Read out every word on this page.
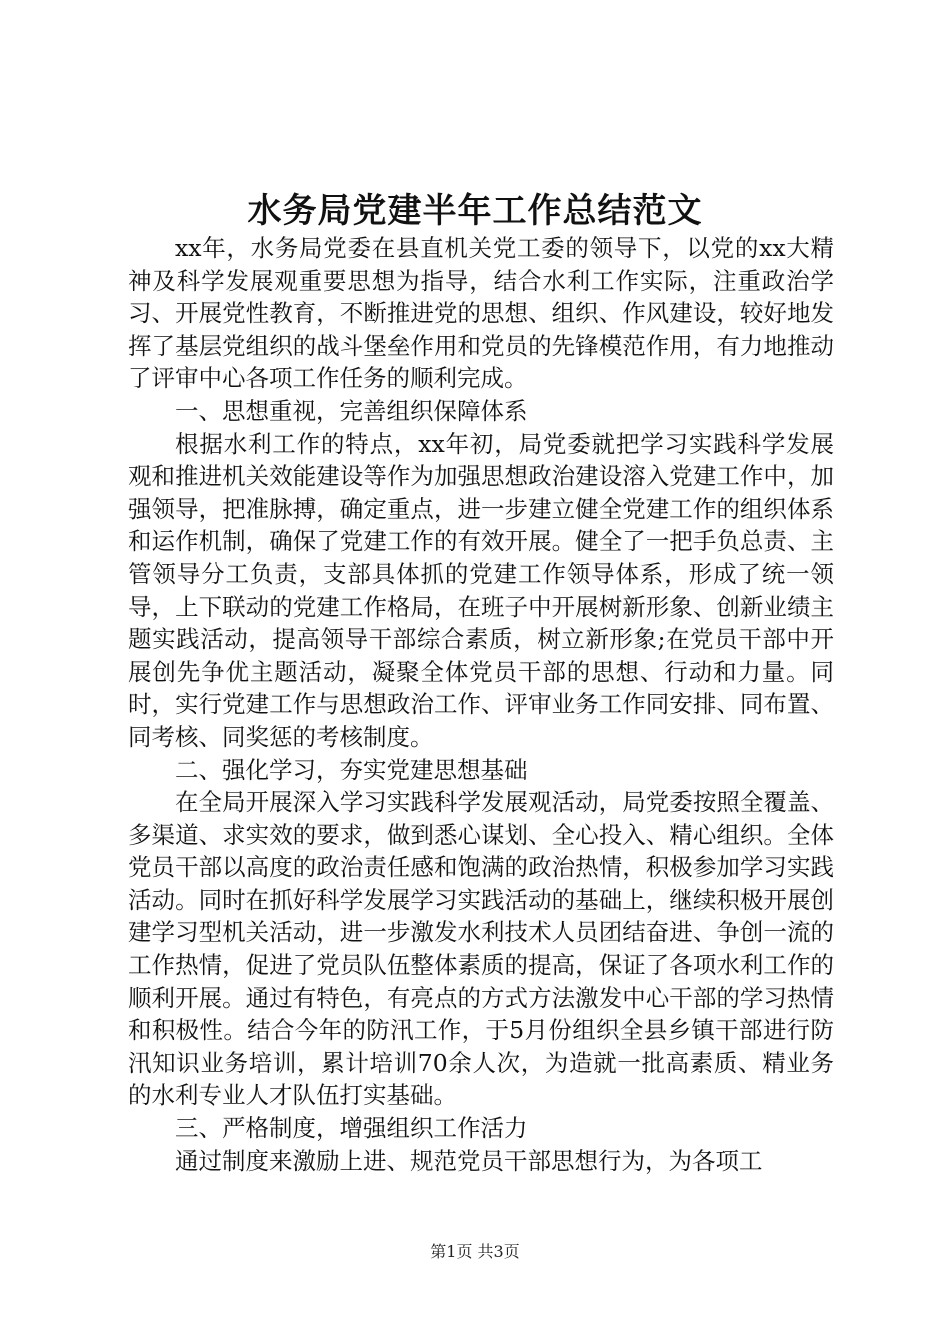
水务局党建半年工作总结范文

xx年，水务局党委在县直机关党工委的领导下，以党的xx大精神及科学发展观重要思想为指导，结合水利工作实际，注重政治学习、开展党性教育，不断推进党的思想、组织、作风建设，较好地发挥了基层党组织的战斗堡垒作用和党员的先锋模范作用，有力地推动了评审中心各项工作任务的顺利完成。

一、思想重视，完善组织保障体系

根据水利工作的特点，xx年初，局党委就把学习实践科学发展观和推进机关效能建设等作为加强思想政治建设溶入党建工作中，加强领导，把准脉搏，确定重点，进一步建立健全党建工作的组织体系和运作机制，确保了党建工作的有效开展。健全了一把手负总责、主管领导分工负责，支部具体抓的党建工作领导体系，形成了统一领导，上下联动的党建工作格局，在班子中开展树新形象、创新业绩主题实践活动，提高领导干部综合素质，树立新形象;在党员干部中开展创先争优主题活动，凝聚全体党员干部的思想、行动和力量。同时，实行党建工作与思想政治工作、评审业务工作同安排、同布置、同考核、同奖惩的考核制度。

二、强化学习，夯实党建思想基础

在全局开展深入学习实践科学发展观活动，局党委按照全覆盖、多渠道、求实效的要求，做到悉心谋划、全心投入、精心组织。全体党员干部以高度的政治责任感和饱满的政治热情，积极参加学习实践活动。同时在抓好科学发展学习实践活动的基础上，继续积极开展创建学习型机关活动，进一步激发水利技术人员团结奋进、争创一流的工作热情，促进了党员队伍整体素质的提高，保证了各项水利工作的顺利开展。通过有特色，有亮点的方式方法激发中心干部的学习热情和积极性。结合今年的防汛工作，于5月份组织全县乡镇干部进行防汛知识业务培训，累计培训70余人次，为造就一批高素质、精业务的水利专业人才队伍打实基础。

三、严格制度，增强组织工作活力

通过制度来激励上进、规范党员干部思想行为，为各项工

第1页 共3页
